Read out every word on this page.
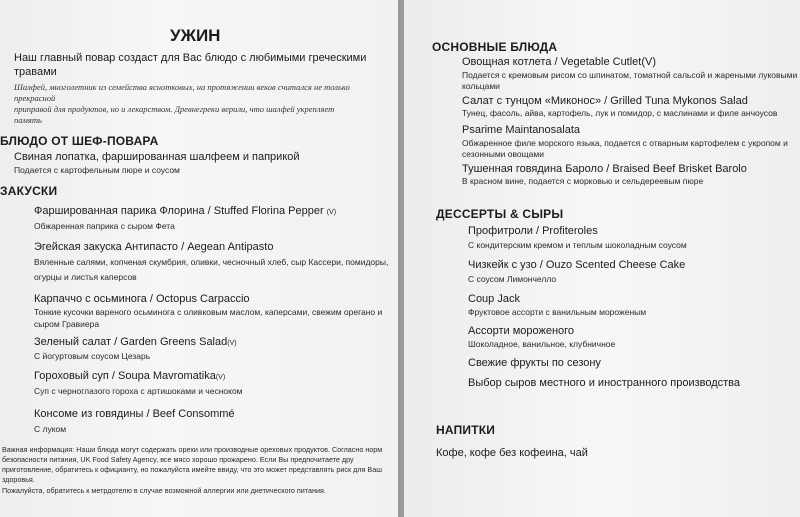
УЖИН
Наш главный повар создаст для Вас блюдо с любимыми греческими
травами
Шалфей, многолетник из семейства яснотковых, на протяжении веков считался не только
прекрасной
приправой для продуктов, но и лекарством. Древнегреки верили, что шалфей укрепляет
память
БЛЮДО ОТ ШЕФ-ПОВАРА
Свиная лопатка, фаршированная шалфеем и паприкой
Подается с картофельным пюре и соусом
ЗАКУСКИ
Фаршированная парика Флорина / Stuffed Florina Pepper (V)
Обжаренная паприка с сыром Фета
Эгейская закуска Антипасто / Aegean Antipasto
Вяленные салями, копченая скумбрия, оливки, чесночный хлеб, сыр Кассери, помидоры,
огурцы и листья каперсов
Карпаччо с осьминога / Octopus Carpaccio
Тонкие кусочки вареного осьминога с оливковым маслом, каперсами, свежим орегано и
сыром Гравиера
Зеленый салат / Garden Greens Salad(V)
С йогуртовым соусом Цезарь
Гороховый суп / Soupa Mavromatika(V)
Суп с черноглазого гороха с артишоками и чесноком
Консоме из говядины / Beef Consommé
С луком
Важная информация: Наши блюда могут содержать орехи или производные ореховых продуктов. Согласно норм
безопасности питания, UK Food Safety Agency, все мясо хорошо прожарено. Если Вы предпочитаете дру
приготовление, обратитесь к официанту, но пожалуйста имейте ввиду, что это может представлять риск для Ваш
здоровья.
Пожалуйста, обратитесь к метрдотелю в случае возможной аллергии или диетического питания.
ОСНОВНЫЕ БЛЮДА
Овощная котлета / Vegetable Cutlet(V)
Подается с кремовым рисом со шпинатом, томатной сальсой и жареными луковыми
кольцами
Салат с тунцом «Миконос» / Grilled Tuna Mykonos Salad
Тунец, фасоль, айва, картофель, лук и помидор, с маслинами и филе анчоусов
Psarime Maintanosalata
Обжаренное филе морского языка, подается с отварным картофелем с укропом и
сезонными овощами
Тушенная говядина Бароло / Braised Beef Brisket Barolo
В красном вине, подается с морковью и сельдереевым пюре
ДЕССЕРТЫ & СЫРЫ
Профитроли / Profiteroles
С кондитерским кремом и теплым шоколадным соусом
Чизкейк с узо / Ouzo Scented Cheese Cake
С соусом Лимончелло
Coup Jack
Фруктовое ассорти с ванильным мороженым
Ассорти мороженого
Шоколадное, ванильное, клубничное
Свежие фрукты по сезону
Выбор сыров местного и иностранного производства
НАПИТКИ
Кофе, кофе без кофеина, чай
